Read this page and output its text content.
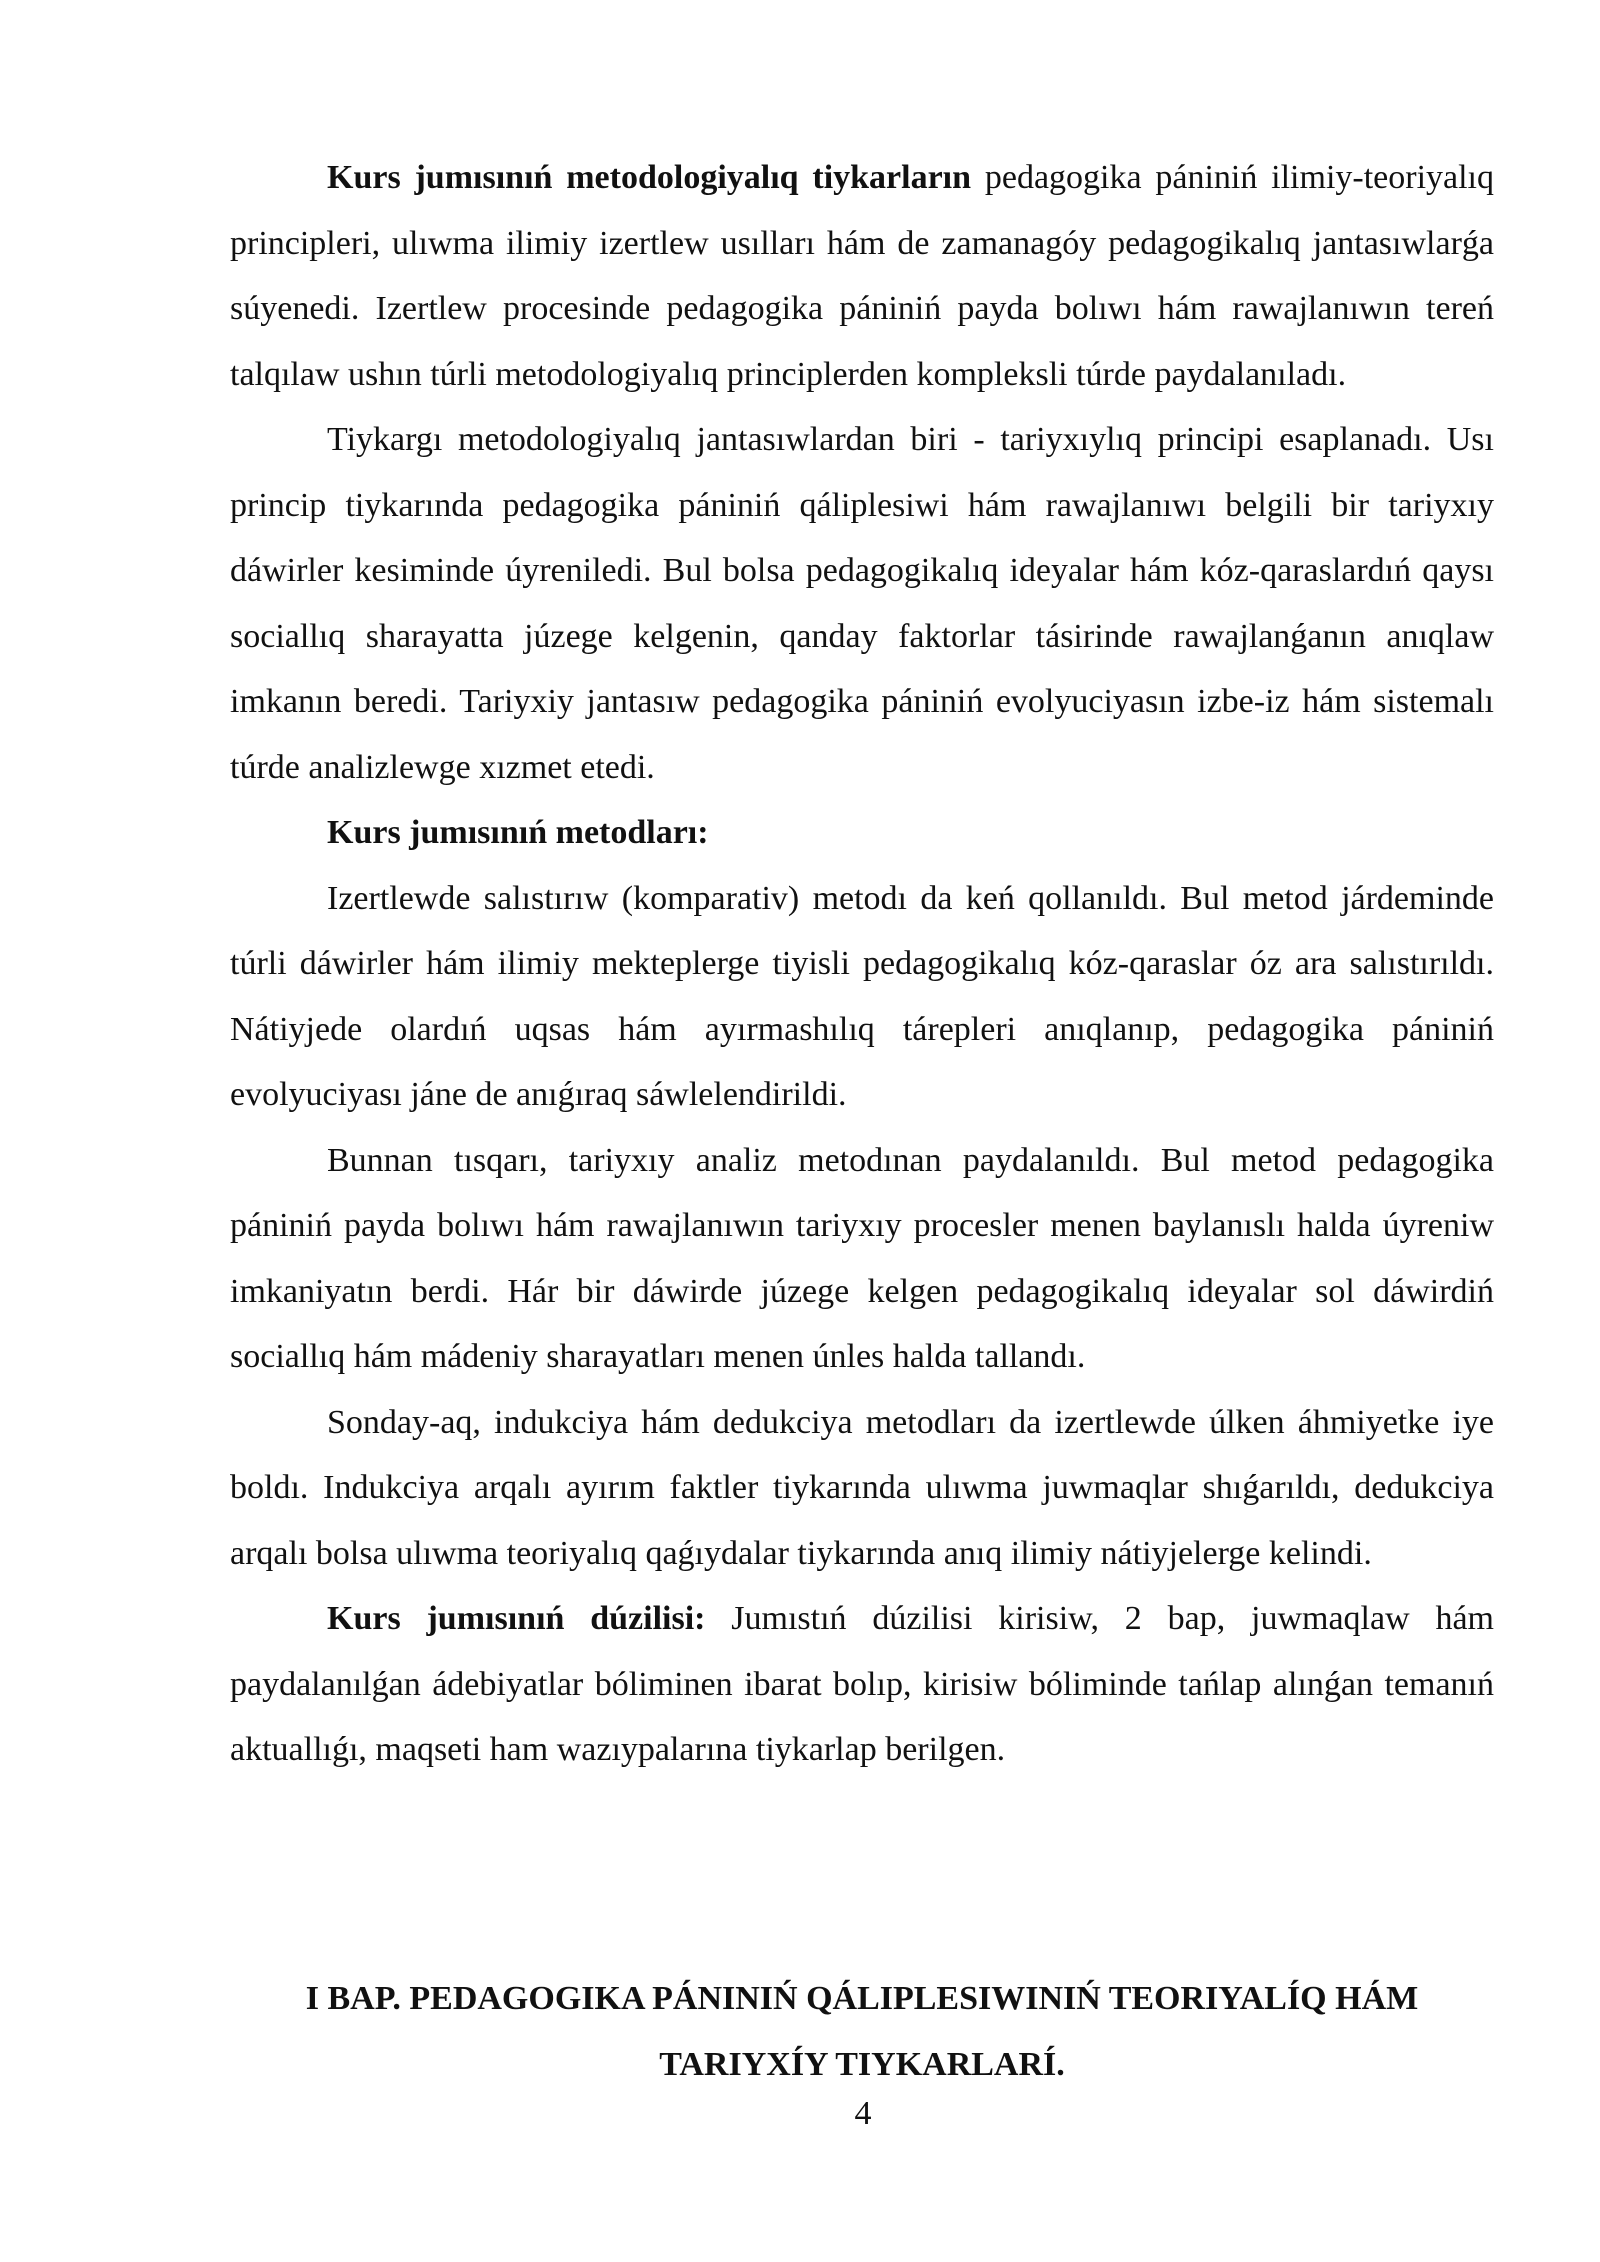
Kurs jumısınıń metodologiyalıq tiykarların pedagogika pániniń ilimiy-teoriyalıq principleri, ulıwma ilimiy izertlew usılları hám de zamanagóy pedagogikalıq jantasıwlarǵa súyenedi. Izertlew procesinde pedagogika pániniń payda bolıwı hám rawajlanıwın tereń talqılaw ushın túrli metodologiyalıq principlerden kompleksli túrde paydalanıladı.

Tiykargı metodologiyalıq jantasıwlardan biri - tariyxıylıq principi esaplanadı. Usı princip tiykarında pedagogika pániniń qáliplesiwi hám rawajlanıwı belgili bir tariyxıy dáwirler kesiminde úyreniledi. Bul bolsa pedagogikalıq ideyalar hám kóz-qaraslardıń qaysı sociallıq sharayatta júzege kelgenin, qanday faktorlar tásirinde rawajlanǵanın anıqlaw imkanın beredi. Tariyxiy jantasıw pedagogika pániniń evolyuciyasın izbe-iz hám sistemalı túrde analizlewge xızmet etedi.

Kurs jumısınıń metodları:

Izertlewde salıstırıw (komparativ) metodı da keń qollanıldı. Bul metod járdeminde túrli dáwirler hám ilimiy mekteplerge tiyisli pedagogikalıq kóz-qaraslar óz ara salıstırıldı. Nátiyjede olardıń uqsas hám ayırmashılıq tárepleri anıqlanıp, pedagogika pániniń evolyuciyası jáne de anıǵıraq sáwlelendirildi.

Bunnan tısqarı, tariyxıy analiz metodınan paydalanıldı. Bul metod pedagogika pániniń payda bolıwı hám rawajlanıwın tariyxıy procesler menen baylanıslı halda úyreniw imkaniyatın berdi. Hár bir dáwirde júzege kelgen pedagogikalıq ideyalar sol dáwirdiń sociallıq hám mádeniy sharayatları menen únles halda tallandı.

Sonday-aq, indukciya hám dedukciya metodları da izertlewde úlken áhmiyetke iye boldı. Indukciya arqalı ayırım faktler tiykarında ulıwma juwmaqlar shıǵarıldı, dedukciya arqalı bolsa ulıwma teoriyalıq qaǵıydalar tiykarında anıq ilimiy nátiyjelerge kelindi.

Kurs jumısınıń dúzilisi: Jumıstıń dúzilisi kirisiw, 2 bap, juwmaqlaw hám paydalanılǵan ádebiyatlar bóliminen ibarat bolıp, kirisiw bóliminde tańlap alınǵan temanıń aktuallıǵı, maqseti ham wazıypalarına tiykarlap berilgen.

I BAP. PEDAGOGIKA PÁNINIŃ QÁLIPLESIWINIŃ TEORIYALÍQ HÁM
TARIYXÍY TIYKARLARÍ.
4
